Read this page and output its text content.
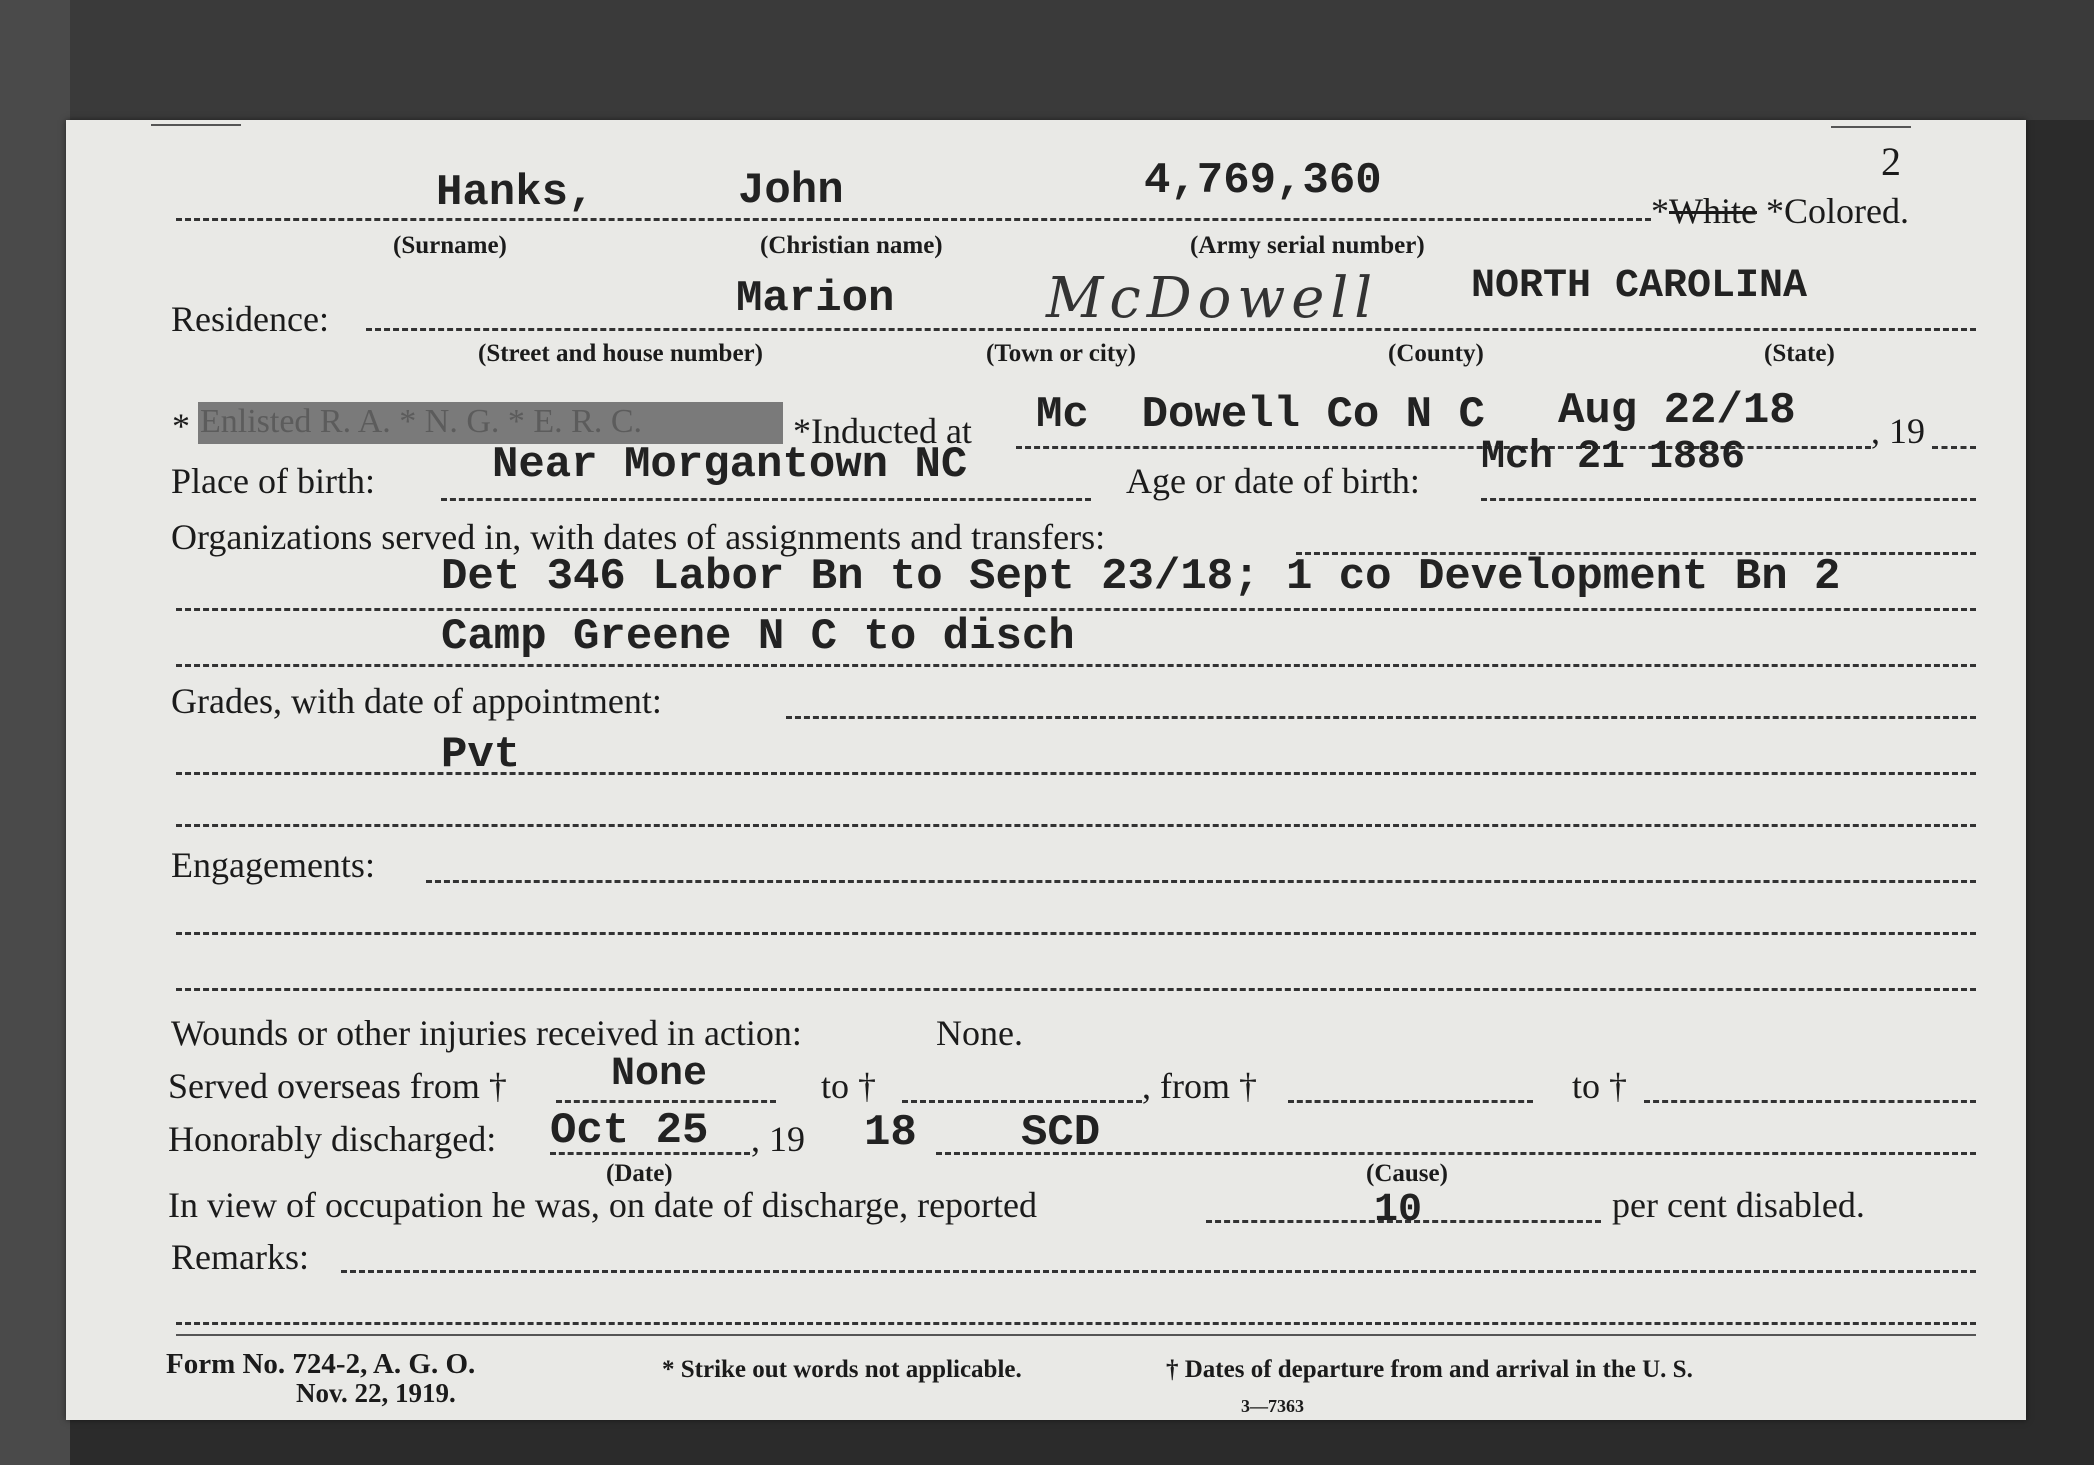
2
Hanks,	John	4,769,360
*White *Colored.
(Surname)	(Christian name)	(Army serial number)
Residence:	Marion	McDowell NORTH CAROLINA
(Street and house number)	(Town or city)	(County)	(State)
* Enlisted R. A. * N. G. * E. R. C.	*Inducted at Mc  Dowell Co N C Aug 22/18 , 19
Place of birth:	Near Morgantown NC	Age or date of birth:
Mch 21 1886
Organizations served in, with dates of assignments and transfers:
Det 346 Labor Bn to Sept 23/18; 1 co Development Bn 2
Camp Greene N C to disch
Grades, with date of appointment:
Pvt
Engagements:
Wounds or other injuries received in action:	None.
Served overseas from †	None	to †	, from †	to †
Honorably discharged: Oct 25 , 19 18 SCD
(Date)	(Cause)
In view of occupation he was, on date of discharge, reported	10	per cent disabled.
Remarks:
Form No. 724-2, A. G. O.
Nov. 22, 1919.
* Strike out words not applicable.	† Dates of departure from and arrival in the U. S.
3—7363
